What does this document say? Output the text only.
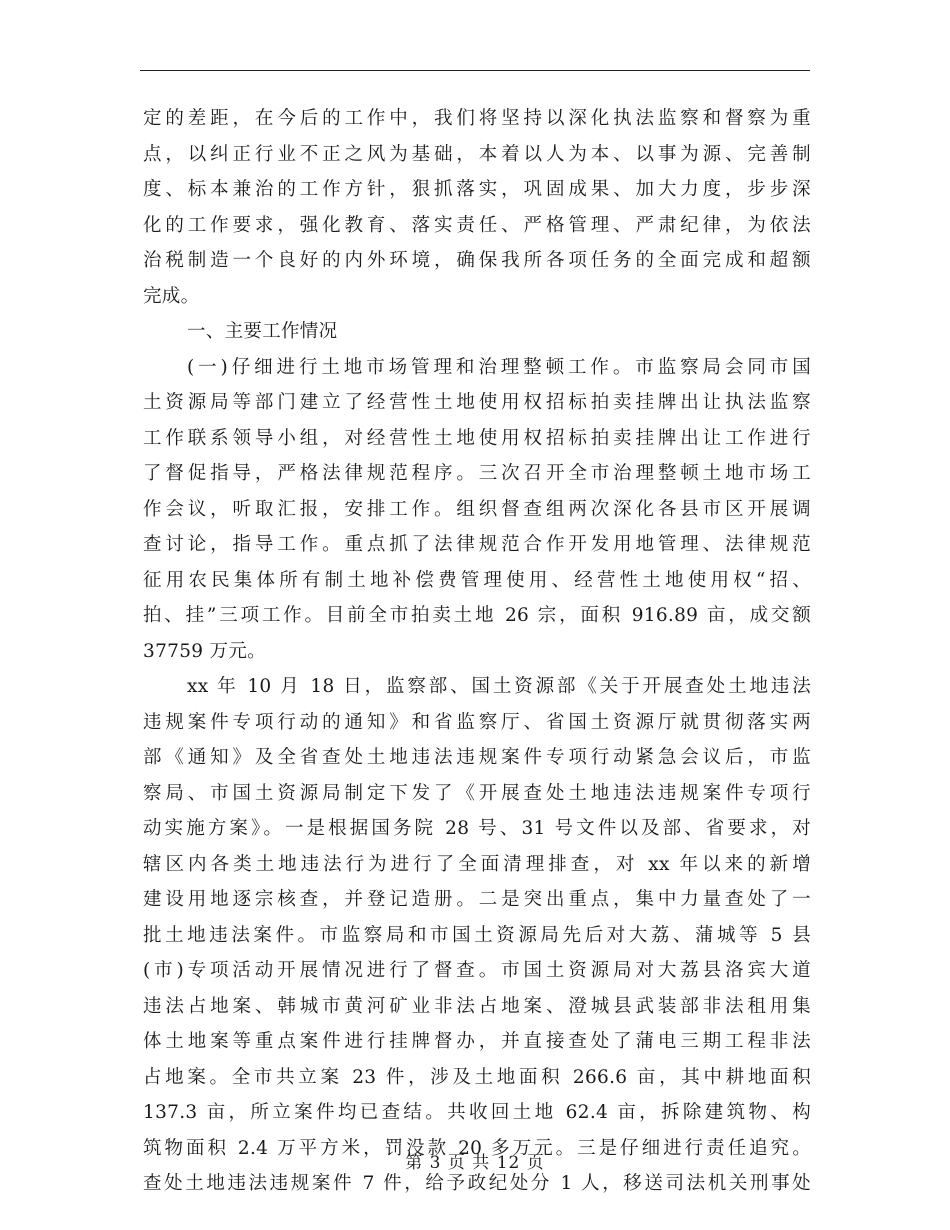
定的差距，在今后的工作中，我们将坚持以深化执法监察和督察为重
点，以纠正行业不正之风为基础，本着以人为本、以事为源、完善制
度、标本兼治的工作方针，狠抓落实，巩固成果、加大力度，步步深
化的工作要求，强化教育、落实责任、严格管理、严肃纪律，为依法
治税制造一个良好的内外环境，确保我所各项任务的全面完成和超额
完成。
一、主要工作情况
(一)仔细进行土地市场管理和治理整顿工作。市监察局会同市国
土资源局等部门建立了经营性土地使用权招标拍卖挂牌出让执法监察
工作联系领导小组，对经营性土地使用权招标拍卖挂牌出让工作进行
了督促指导，严格法律规范程序。三次召开全市治理整顿土地市场工
作会议，听取汇报，安排工作。组织督查组两次深化各县市区开展调
查讨论，指导工作。重点抓了法律规范合作开发用地管理、法律规范
征用农民集体所有制土地补偿费管理使用、经营性土地使用权“招、
拍、挂”三项工作。目前全市拍卖土地 26 宗，面积 916.89 亩，成交额
37759 万元。
xx 年 10 月 18 日，监察部、国土资源部《关于开展查处土地违法
违规案件专项行动的通知》和省监察厅、省国土资源厅就贯彻落实两
部《通知》及全省查处土地违法违规案件专项行动紧急会议后，市监
察局、市国土资源局制定下发了《开展查处土地违法违规案件专项行
动实施方案》。一是根据国务院 28 号、31 号文件以及部、省要求，对
辖区内各类土地违法行为进行了全面清理排查，对 xx 年以来的新增
建设用地逐宗核查，并登记造册。二是突出重点，集中力量查处了一
批土地违法案件。市监察局和市国土资源局先后对大荔、蒲城等 5 县
(市)专项活动开展情况进行了督查。市国土资源局对大荔县洛宾大道
违法占地案、韩城市黄河矿业非法占地案、澄城县武装部非法租用集
体土地案等重点案件进行挂牌督办，并直接查处了蒲电三期工程非法
占地案。全市共立案 23 件，涉及土地面积 266.6 亩，其中耕地面积
137.3 亩，所立案件均已查结。共收回土地 62.4 亩，拆除建筑物、构
筑物面积 2.4 万平方米，罚没款 20 多万元。三是仔细进行责任追究。
查处土地违法违规案件 7 件，给予政纪处分 1 人，移送司法机关刑事处
第 3 页 共 12 页
